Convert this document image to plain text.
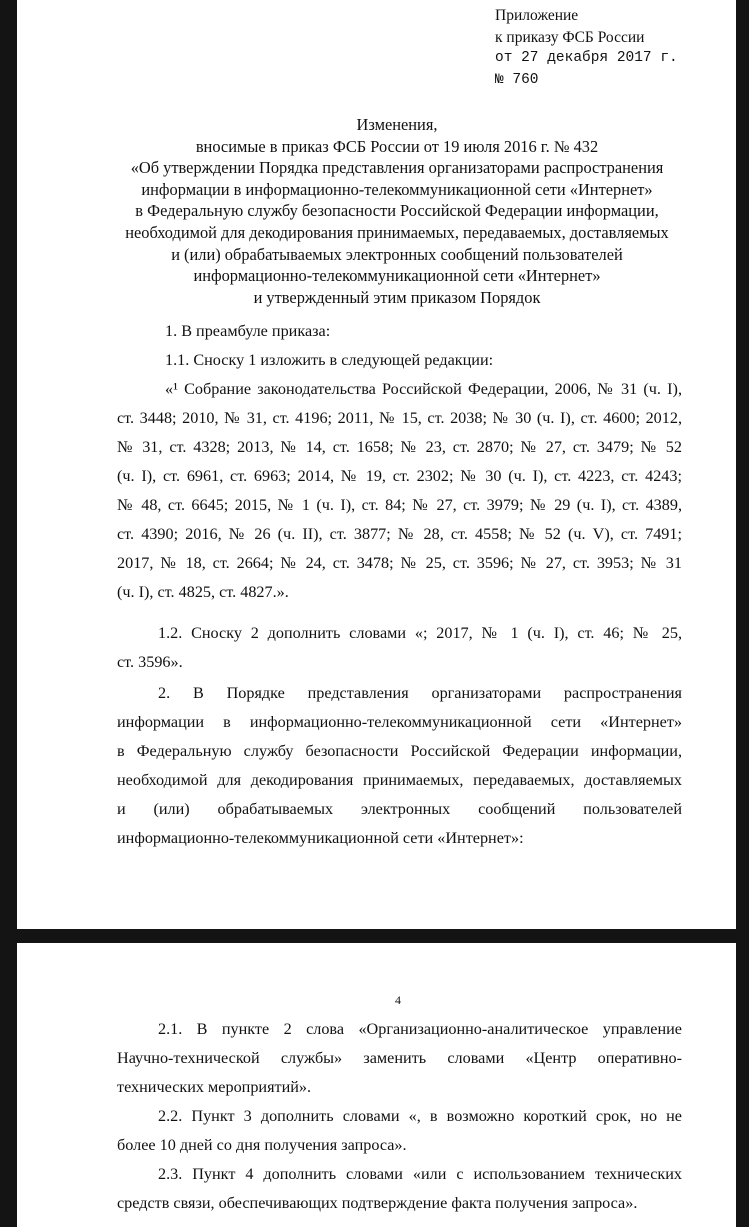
Приложение
к приказу ФСБ России
от 27 декабря 2017 г.
№ 760
Изменения,
вносимые в приказ ФСБ России от 19 июля 2016 г. № 432
«Об утверждении Порядка представления организаторами распространения
информации в информационно-телекоммуникационной сети «Интернет»
в Федеральную службу безопасности Российской Федерации информации,
необходимой для декодирования принимаемых, передаваемых, доставляемых
и (или) обрабатываемых электронных сообщений пользователей
информационно-телекоммуникационной сети «Интернет»
и утвержденный этим приказом Порядок
1. В преамбуле приказа:
1.1. Сноску 1 изложить в следующей редакции:
«¹ Собрание законодательства Российской Федерации, 2006, № 31 (ч. I),
ст. 3448; 2010, № 31, ст. 4196; 2011, № 15, ст. 2038; № 30 (ч. I), ст. 4600; 2012,
№ 31, ст. 4328; 2013, № 14, ст. 1658; № 23, ст. 2870; № 27, ст. 3479; № 52
(ч. I), ст. 6961, ст. 6963; 2014, № 19, ст. 2302; № 30 (ч. I), ст. 4223, ст. 4243;
№ 48, ст. 6645; 2015, № 1 (ч. I), ст. 84; № 27, ст. 3979; № 29 (ч. I), ст. 4389,
ст. 4390; 2016, № 26 (ч. II), ст. 3877; № 28, ст. 4558; № 52 (ч. V), ст. 7491;
2017, № 18, ст. 2664; № 24, ст. 3478; № 25, ст. 3596; № 27, ст. 3953; № 31
(ч. I), ст. 4825, ст. 4827.».
1.2. Сноску 2 дополнить словами «; 2017, № 1 (ч. I), ст. 46; № 25,
ст. 3596».
2. В Порядке представления организаторами распространения
информации в информационно-телекоммуникационной сети «Интернет»
в Федеральную службу безопасности Российской Федерации информации,
необходимой для декодирования принимаемых, передаваемых, доставляемых
и (или) обрабатываемых электронных сообщений пользователей
информационно-телекоммуникационной сети «Интернет»:
4
2.1. В пункте 2 слова «Организационно-аналитическое управление
Научно-технической службы» заменить словами «Центр оперативно-
технических мероприятий».
2.2. Пункт 3 дополнить словами «, в возможно короткий срок, но не
более 10 дней со дня получения запроса».
2.3. Пункт 4 дополнить словами «или с использованием технических
средств связи, обеспечивающих подтверждение факта получения запроса».
